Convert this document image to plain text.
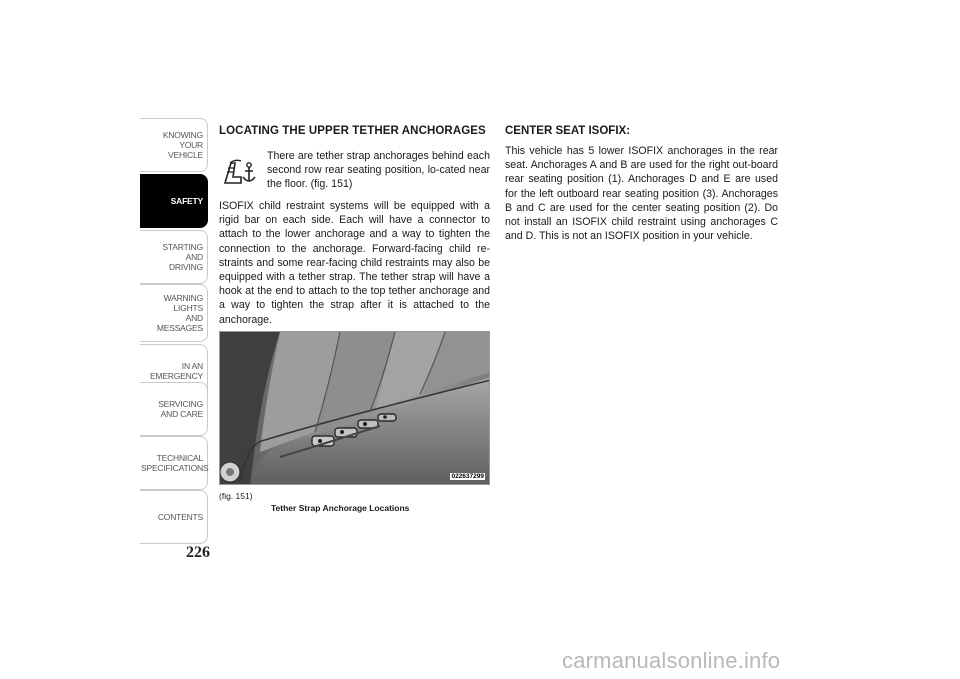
KNOWING
YOUR
VEHICLE
SAFETY
STARTING
AND
DRIVING
WARNING
LIGHTS
AND
MESSAGES
IN AN
EMERGENCY
SERVICING
AND CARE
TECHNICAL
SPECIFICATIONS
CONTENTS
226
LOCATING THE UPPER TETHER ANCHORAGES

There are tether strap anchorages behind each second row rear seating position, lo-cated near the floor. (fig. 151)

ISOFIX child restraint systems will be equipped with a rigid bar on each side. Each will have a connector to attach to the lower anchorage and a way to tighten the connection to the anchorage. Forward-facing child re-straints and some rear-facing child restraints may also be equipped with a tether strap. The tether strap will have a hook at the end to attach to the top tether anchorage and a way to tighten the strap after it is attached to the anchorage.

022637299
(fig. 151)
Tether Strap Anchorage Locations
CENTER SEAT ISOFIX:

This vehicle has 5 lower ISOFIX anchorages in the rear seat. Anchorages A and B are used for the right out-board rear seating position (1). Anchorages D and E are used for the left outboard rear seating position (3). Anchorages B and C are used for the center seating position (2). Do not install an ISOFIX child restraint using anchorages C and D. This is not an ISOFIX position in your vehicle.

carmanualsonline.info
